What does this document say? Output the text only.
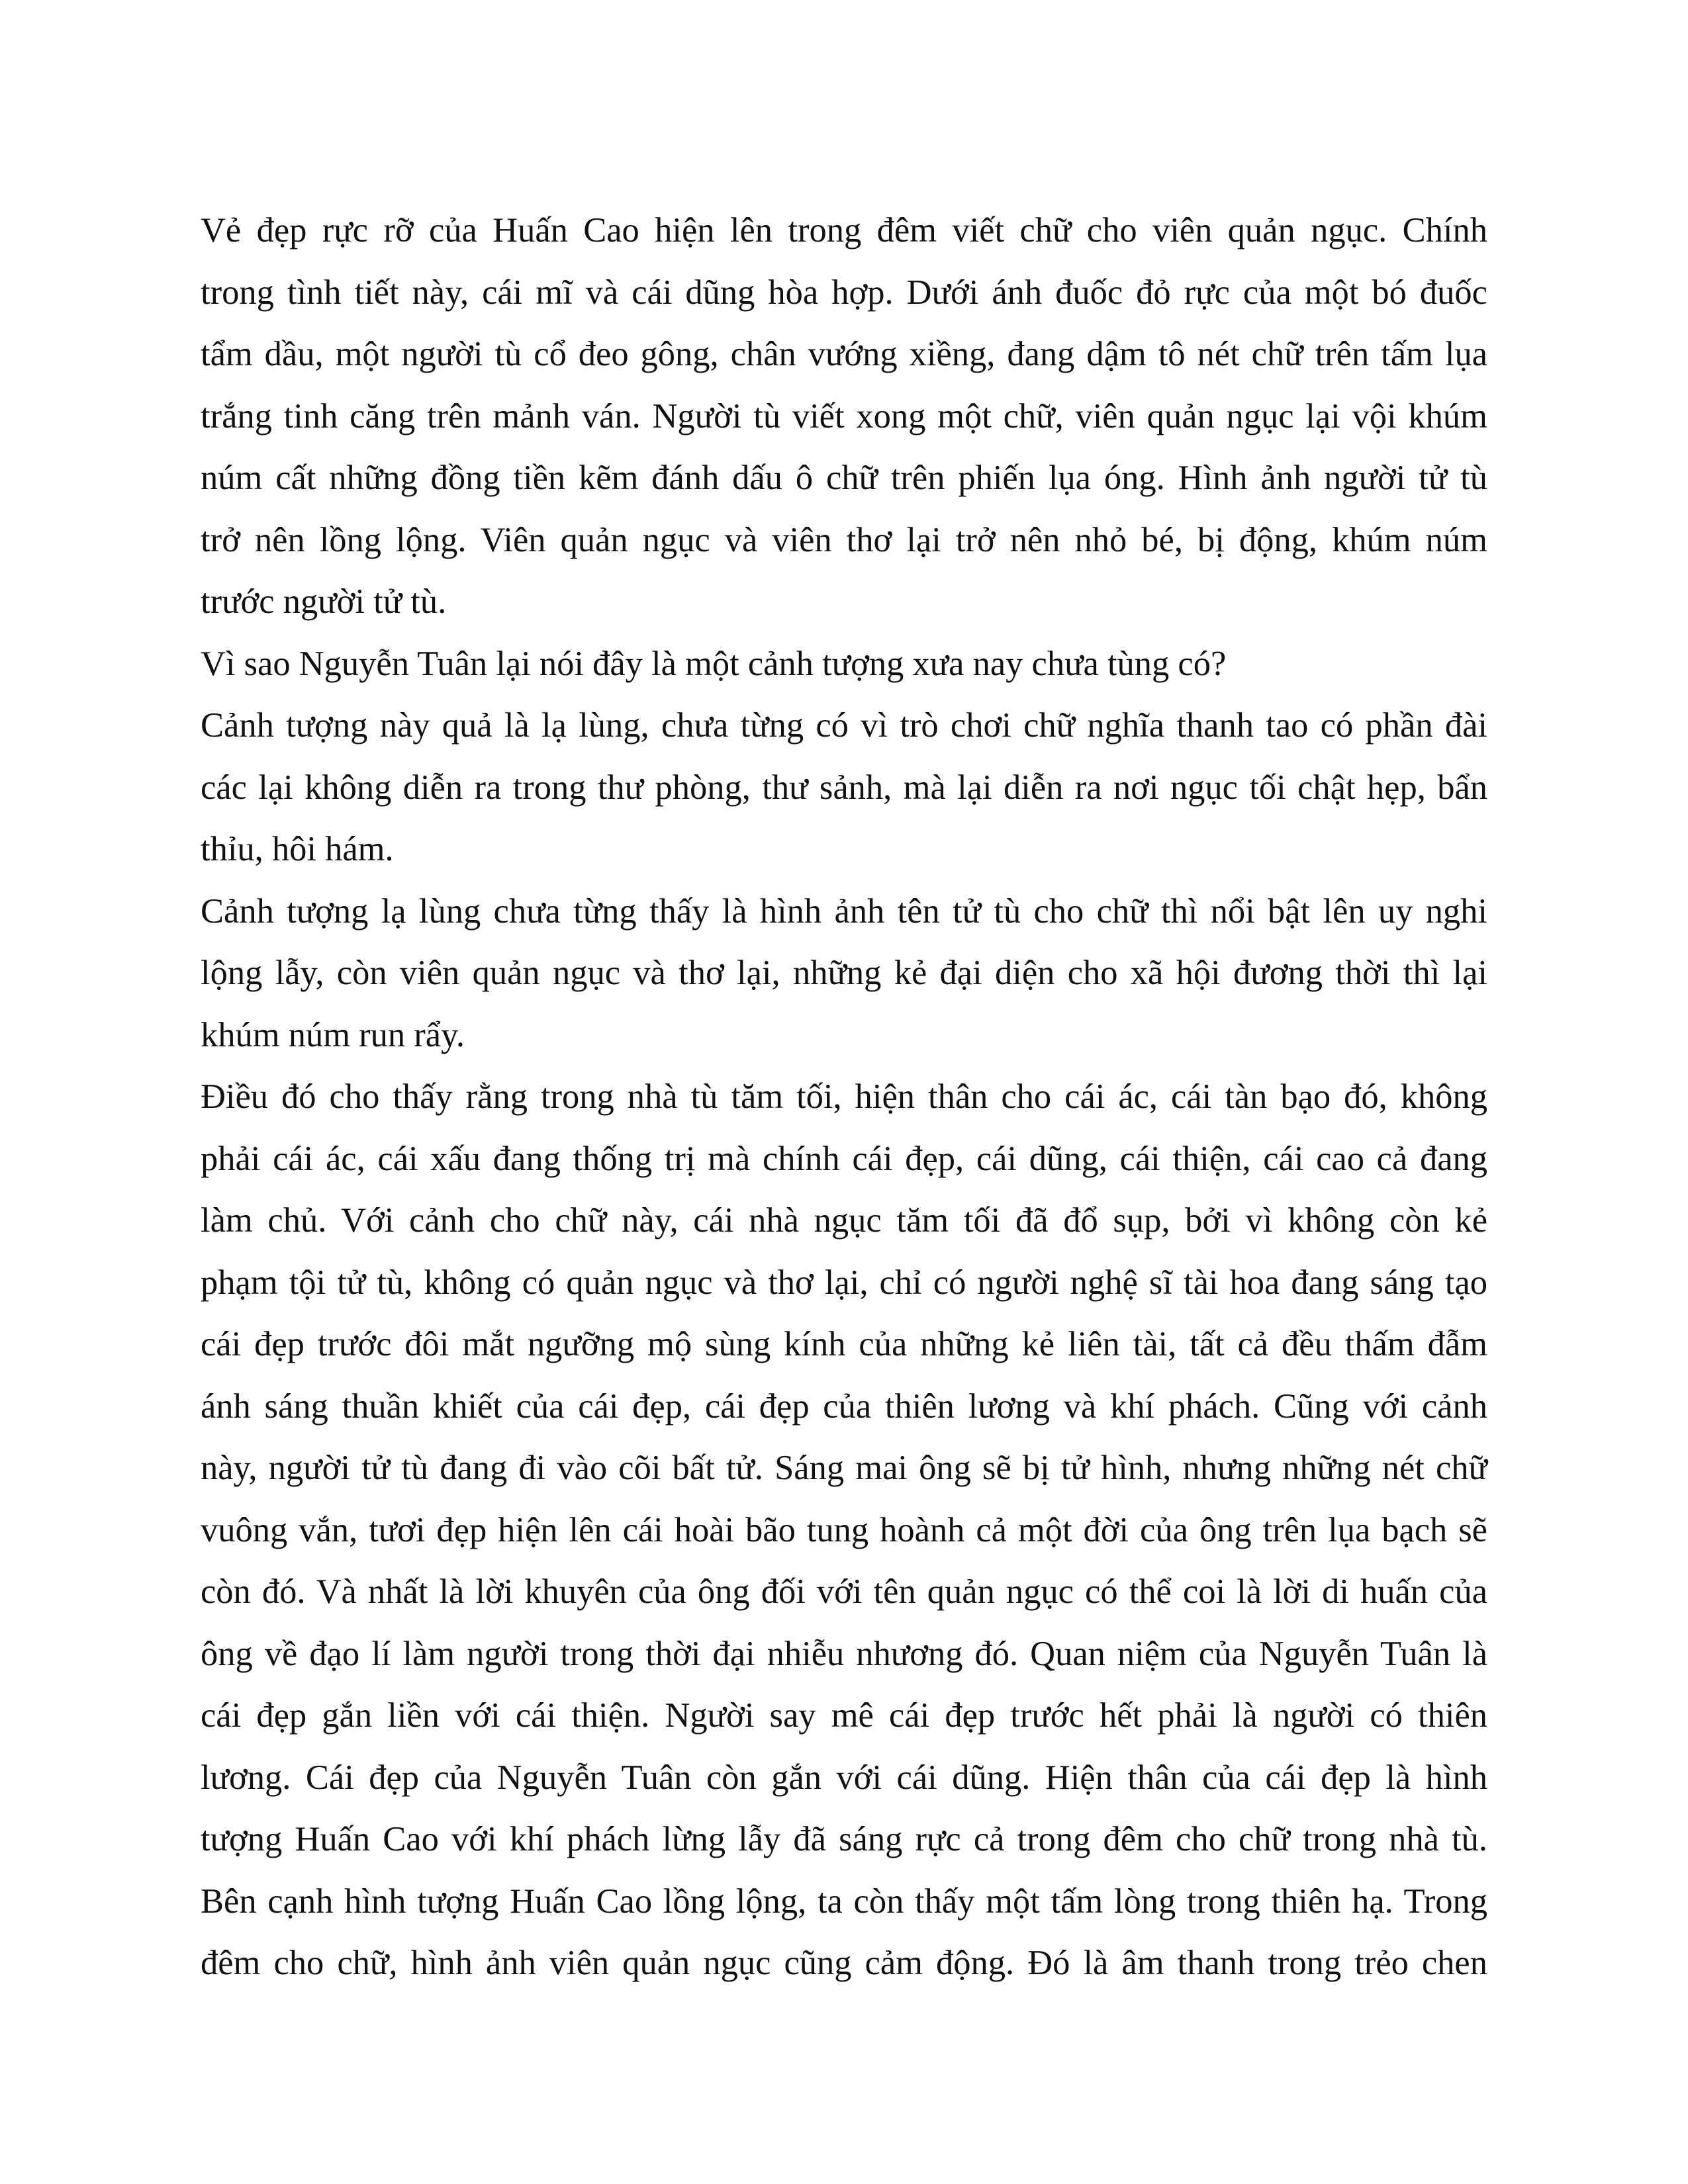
Vẻ đẹp rực rỡ của Huấn Cao hiện lên trong đêm viết chữ cho viên quản ngục. Chính
trong tình tiết này, cái mĩ và cái dũng hòa hợp. Dưới ánh đuốc đỏ rực của một bó đuốc
tẩm dầu, một người tù cổ đeo gông, chân vướng xiềng, đang dậm tô nét chữ trên tấm lụa
trắng tinh căng trên mảnh ván. Người tù viết xong một chữ, viên quản ngục lại vội khúm
núm cất những đồng tiền kẽm đánh dấu ô chữ trên phiến lụa óng. Hình ảnh người tử tù
trở nên lồng lộng. Viên quản ngục và viên thơ lại trở nên nhỏ bé, bị động, khúm núm
trước người tử tù.
Vì sao Nguyễn Tuân lại nói đây là một cảnh tượng xưa nay chưa tùng có?
Cảnh tượng này quả là lạ lùng, chưa từng có vì trò chơi chữ nghĩa thanh tao có phần đài
các lại không diễn ra trong thư phòng, thư sảnh, mà lại diễn ra nơi ngục tối chật hẹp, bẩn
thỉu, hôi hám.
Cảnh tượng lạ lùng chưa từng thấy là hình ảnh tên tử tù cho chữ thì nổi bật lên uy nghi
lộng lẫy, còn viên quản ngục và thơ lại, những kẻ đại diện cho xã hội đương thời thì lại
khúm núm run rẩy.
Điều đó cho thấy rằng trong nhà tù tăm tối, hiện thân cho cái ác, cái tàn bạo đó, không
phải cái ác, cái xấu đang thống trị mà chính cái đẹp, cái dũng, cái thiện, cái cao cả đang
làm chủ. Với cảnh cho chữ này, cái nhà ngục tăm tối đã đổ sụp, bởi vì không còn kẻ
phạm tội tử tù, không có quản ngục và thơ lại, chỉ có người nghệ sĩ tài hoa đang sáng tạo
cái đẹp trước đôi mắt ngưỡng mộ sùng kính của những kẻ liên tài, tất cả đều thấm đẫm
ánh sáng thuần khiết của cái đẹp, cái đẹp của thiên lương và khí phách. Cũng với cảnh
này, người tử tù đang đi vào cõi bất tử. Sáng mai ông sẽ bị tử hình, nhưng những nét chữ
vuông vắn, tươi đẹp hiện lên cái hoài bão tung hoành cả một đời của ông trên lụa bạch sẽ
còn đó. Và nhất là lời khuyên của ông đối với tên quản ngục có thể coi là lời di huấn của
ông về đạo lí làm người trong thời đại nhiễu nhương đó. Quan niệm của Nguyễn Tuân là
cái đẹp gắn liền với cái thiện. Người say mê cái đẹp trước hết phải là người có thiên
lương. Cái đẹp của Nguyễn Tuân còn gắn với cái dũng. Hiện thân của cái đẹp là hình
tượng Huấn Cao với khí phách lừng lẫy đã sáng rực cả trong đêm cho chữ trong nhà tù.
Bên cạnh hình tượng Huấn Cao lồng lộng, ta còn thấy một tấm lòng trong thiên hạ. Trong
đêm cho chữ, hình ảnh viên quản ngục cũng cảm động. Đó là âm thanh trong trẻo chen
